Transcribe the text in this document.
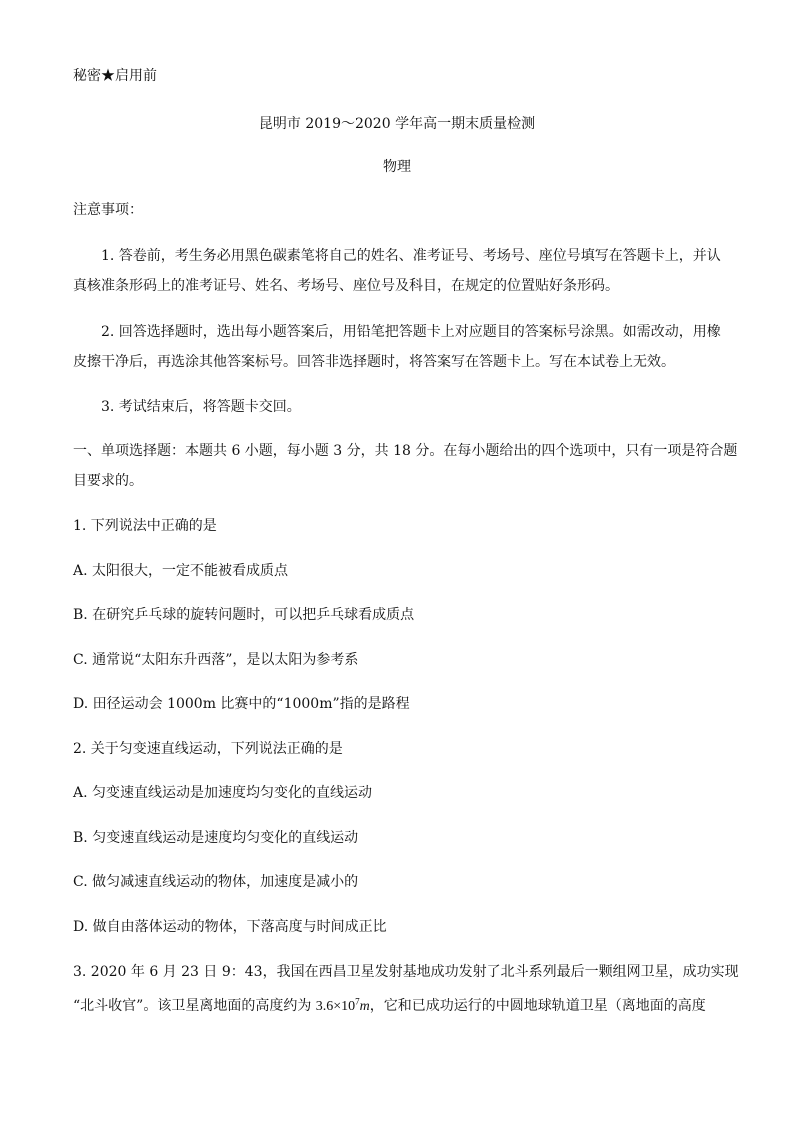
秘密★启用前
昆明市 2019～2020 学年高一期末质量检测
物理
注意事项：
1. 答卷前，考生务必用黑色碳素笔将自己的姓名、准考证号、考场号、座位号填写在答题卡上，并认
真核准条形码上的准考证号、姓名、考场号、座位号及科目，在规定的位置贴好条形码。
2. 回答选择题时，选出每小题答案后，用铅笔把答题卡上对应题目的答案标号涂黑。如需改动，用橡
皮擦干净后，再选涂其他答案标号。回答非选择题时，将答案写在答题卡上。写在本试卷上无效。
3. 考试结束后，将答题卡交回。
一、单项选择题：本题共 6 小题，每小题 3 分，共 18 分。在每小题给出的四个选项中，只有一项是符合题
目要求的。
1. 下列说法中正确的是
A. 太阳很大，一定不能被看成质点
B. 在研究乒乓球的旋转问题时，可以把乒乓球看成质点
C. 通常说“太阳东升西落”，是以太阳为参考系
D. 田径运动会 1000m 比赛中的“1000m”指的是路程
2. 关于匀变速直线运动，下列说法正确的是
A. 匀变速直线运动是加速度均匀变化的直线运动
B. 匀变速直线运动是速度均匀变化的直线运动
C. 做匀减速直线运动的物体，加速度是减小的
D. 做自由落体运动的物体，下落高度与时间成正比
3. 2020 年 6 月 23 日 9：43，我国在西昌卫星发射基地成功发射了北斗系列最后一颗组网卫星，成功实现
“北斗收官”。该卫星离地面的高度约为 $3.6\times 10^7m$，它和已成功运行的中圆地球轨道卫星（离地面的高度
